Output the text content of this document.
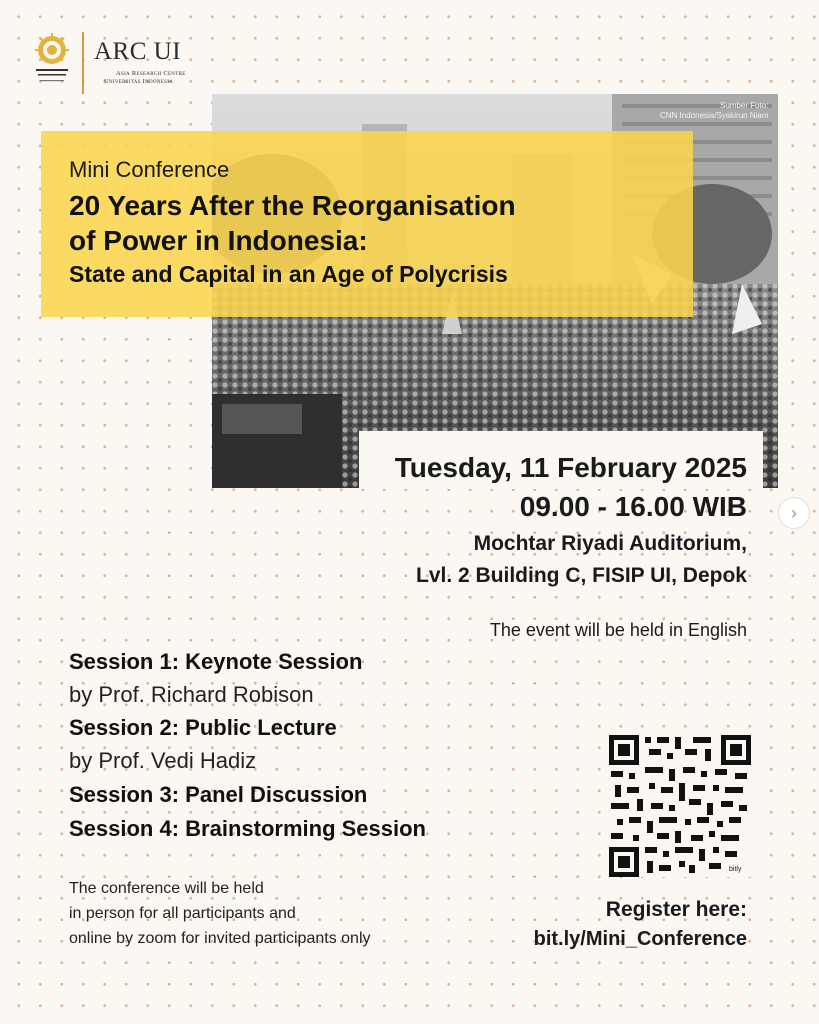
ARC UI
Asia Research Centre
Universitas Indonesia
Sumber Foto:
CNN Indonesia/Syakirun Niam
Mini Conference
20 Years After the Reorganisation
of Power in Indonesia:
State and Capital in an Age of Polycrisis
Tuesday, 11 February 2025
09.00 - 16.00 WIB
Mochtar Riyadi Auditorium,
Lvl. 2 Building C, FISIP UI, Depok
The event will be held in English
›
Session 1: Keynote Session
by Prof. Richard Robison
Session 2: Public Lecture
by Prof. Vedi Hadiz
Session 3: Panel Discussion
Session 4: Brainstorming Session
The conference will be held
in person for all participants and
online by zoom for invited participants only
bitly
Register here:
bit.ly/Mini_Conference
